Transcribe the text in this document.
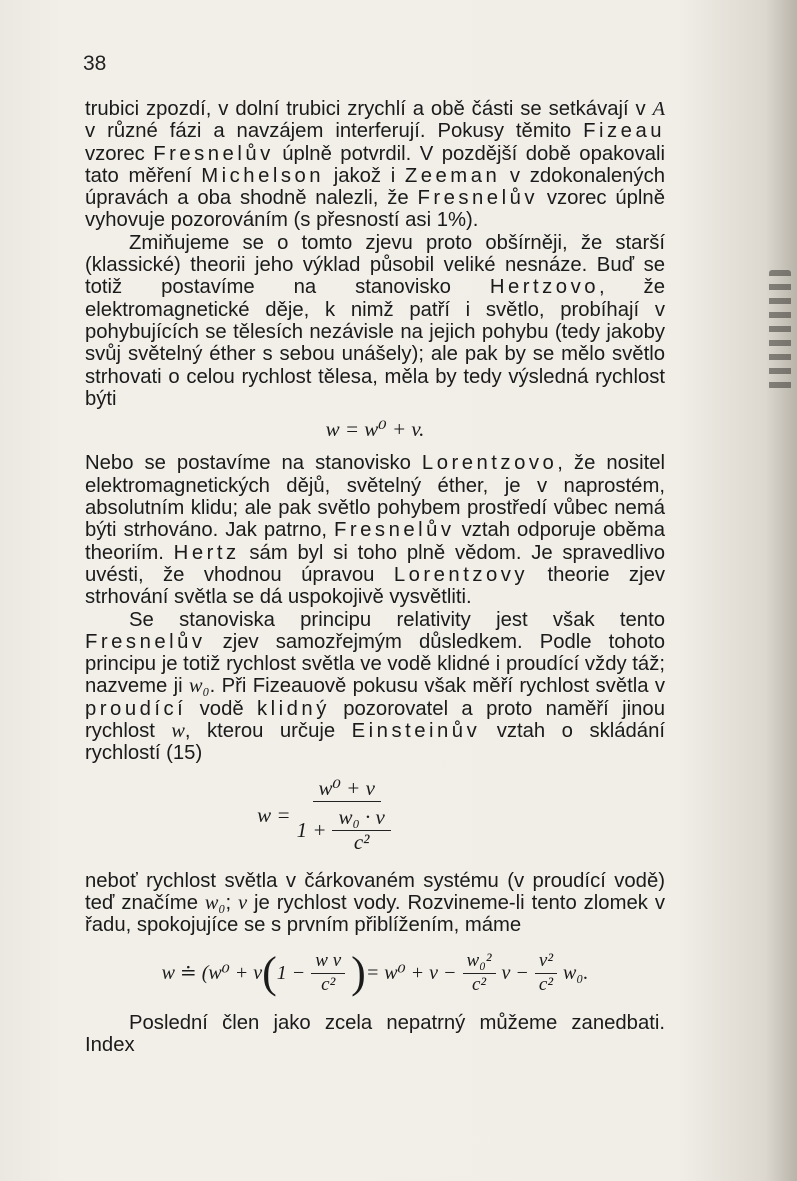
38

trubici zpozdí, v dolní trubici zrychlí a obě části se setkávají v A v různé fázi a navzájem interferují. Pokusy těmito Fizeau vzorec Fresnelův úplně potvrdil. V pozdější době opakovali tato měření Michelson jakož i Zeeman v zdokonalených úpravách a oba shodně nalezli, že Fresnelův vzorec úplně vyhovuje pozorováním (s přesností asi 1%).

Zmiňujeme se o tomto zjevu proto obšírněji, že starší (klassické) theorii jeho výklad působil veliké nesnáze. Buď se totiž postavíme na stanovisko Hertzovo, že elektromagnetické děje, k nimž patří i světlo, probíhají v pohybujících se tělesích nezávisle na jejich pohybu (tedy jakoby svůj světelný éther s sebou unášely); ale pak by se mělo světlo strhovati o celou rychlost tělesa, měla by tedy výsledná rychlost býti

w = w⁰ + v.

Nebo se postavíme na stanovisko Lorentzovo, že nositel elektromagnetických dějů, světelný éther, je v naprostém, absolutním klidu; ale pak světlo pohybem prostředí vůbec nemá býti strhováno. Jak patrno, Fresnelův vztah odporuje oběma theoriím. Hertz sám byl si toho plně vědom. Je spravedlivo uvésti, že vhodnou úpravou Lorentzovy theorie zjev strhování světla se dá uspokojivě vysvětliti.

Se stanoviska principu relativity jest však tento Fresnelův zjev samozřejmým důsledkem. Podle tohoto principu je totiž rychlost světla ve vodě klidné i proudící vždy táž; nazveme ji w₀. Při Fizeauově pokusu však měří rychlost světla v proudící vodě klidný pozorovatel a proto naměří jinou rychlost w, kterou určuje Einsteinův vztah o skládání rychlostí (15)

$w = \frac{\text{w⁰ + v}}{1 + \frac{\text{w₀ · v}}{\text{c²}}}$

neboť rychlost světla v čárkovaném systému (v proudící vodě) teď značíme w₀; v je rychlost vody. Rozvineme-li tento zlomek v řadu, spokojujíce se s prvním přiblížením, máme

w ≐ (w⁰ + v ( $1 - \frac{\text{w v}}{\text{c²}}$ ) = $w^0 + v - \frac{\text{w₀²}}{\text{c²}}$ $v - \frac{\text{v²}}{\text{c²}} w_0$.

Poslední člen jako zcela nepatrný můžeme zanedbati. Index
